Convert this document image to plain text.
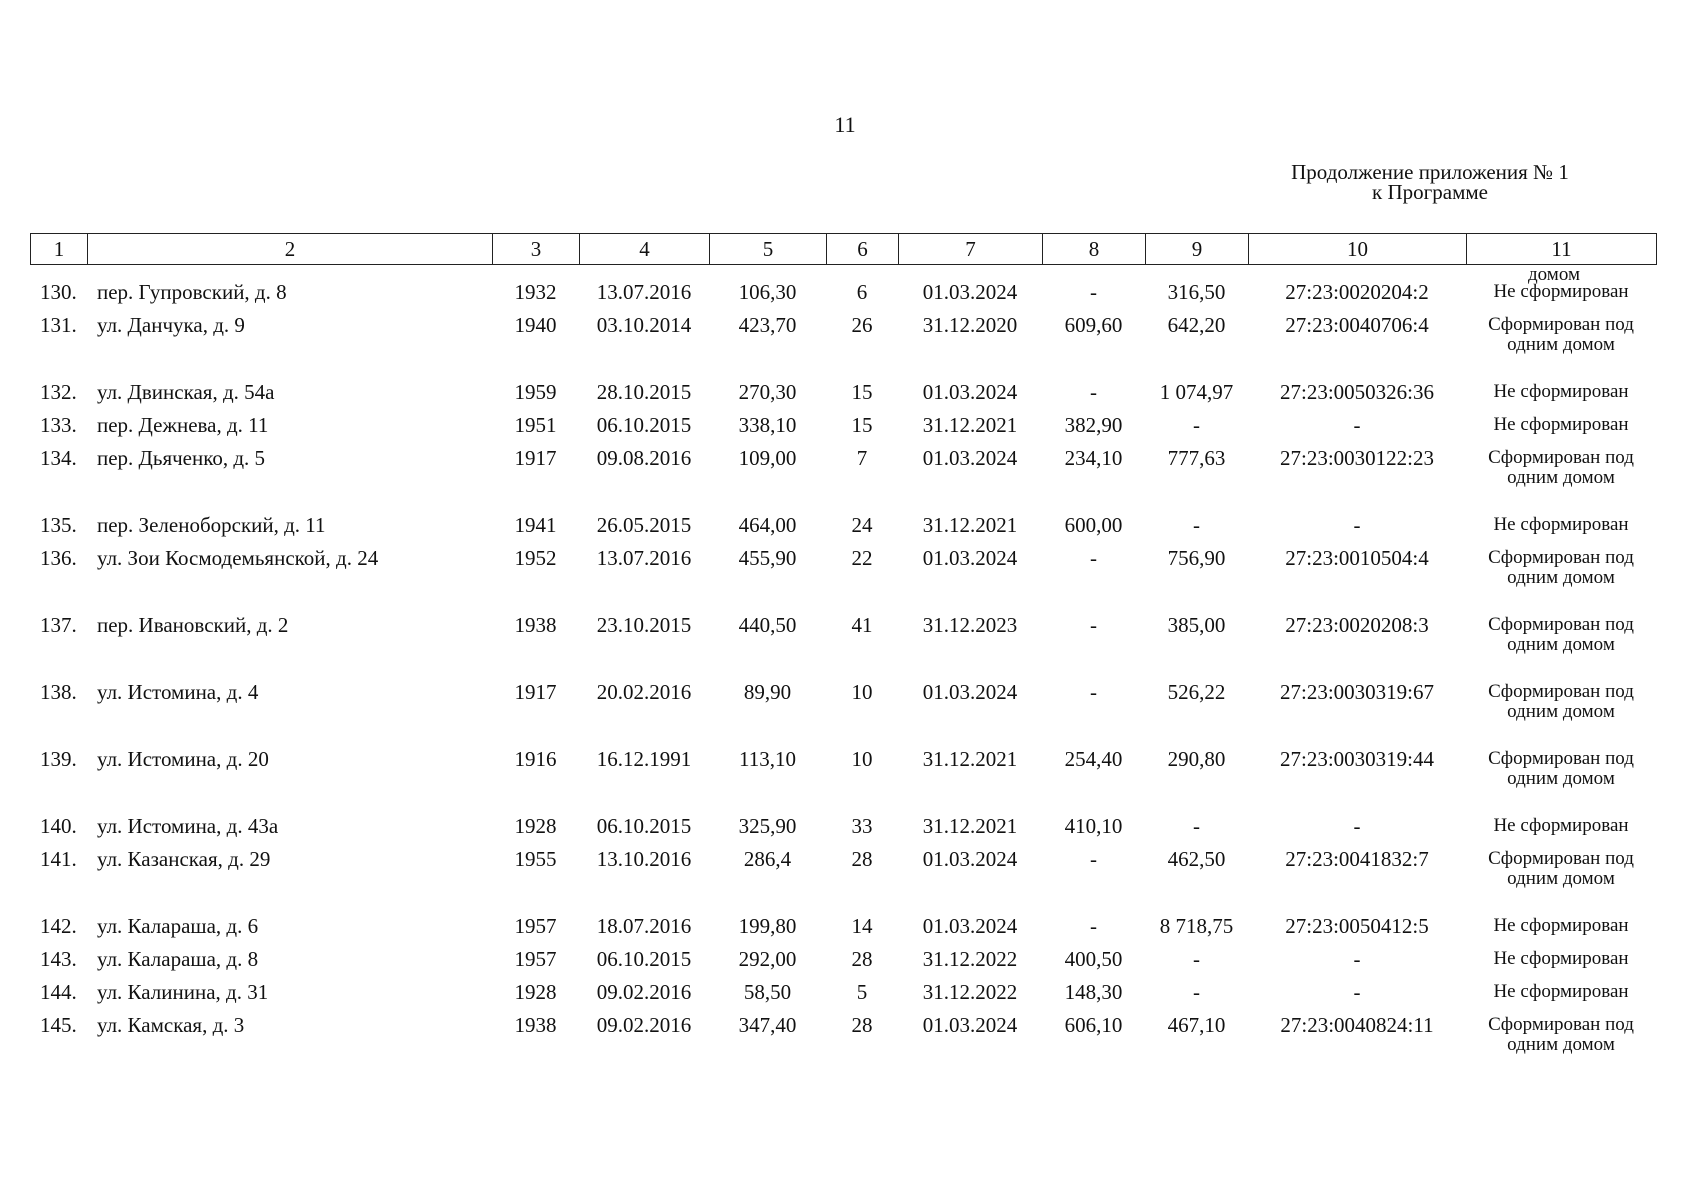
11
Продолжение приложения № 1
к Программе
1	2	3	4	5	6	7	8	9	10	11
домом
130.	пер. Гупровский, д. 8	1932	13.07.2016	106,30	6	01.03.2024	-	316,50	27:23:0020204:2	Не сформирован
131.	ул. Данчука, д. 9	1940	03.10.2014	423,70	26	31.12.2020	609,60	642,20	27:23:0040706:4	Сформирован под одним домом
132.	ул. Двинская, д. 54а	1959	28.10.2015	270,30	15	01.03.2024	-	1 074,97	27:23:0050326:36	Не сформирован
133.	пер. Дежнева, д. 11	1951	06.10.2015	338,10	15	31.12.2021	382,90	-	-	Не сформирован
134.	пер. Дьяченко, д. 5	1917	09.08.2016	109,00	7	01.03.2024	234,10	777,63	27:23:0030122:23	Сформирован под одним домом
135.	пер. Зеленоборский, д. 11	1941	26.05.2015	464,00	24	31.12.2021	600,00	-	-	Не сформирован
136.	ул. Зои Космодемьянской, д. 24	1952	13.07.2016	455,90	22	01.03.2024	-	756,90	27:23:0010504:4	Сформирован под одним домом
137.	пер. Ивановский, д. 2	1938	23.10.2015	440,50	41	31.12.2023	-	385,00	27:23:0020208:3	Сформирован под одним домом
138.	ул. Истомина, д. 4	1917	20.02.2016	89,90	10	01.03.2024	-	526,22	27:23:0030319:67	Сформирован под одним домом
139.	ул. Истомина, д. 20	1916	16.12.1991	113,10	10	31.12.2021	254,40	290,80	27:23:0030319:44	Сформирован под одним домом
140.	ул. Истомина, д. 43а	1928	06.10.2015	325,90	33	31.12.2021	410,10	-	-	Не сформирован
141.	ул. Казанская, д. 29	1955	13.10.2016	286,4	28	01.03.2024	-	462,50	27:23:0041832:7	Сформирован под одним домом
142.	ул. Калараша, д. 6	1957	18.07.2016	199,80	14	01.03.2024	-	8 718,75	27:23:0050412:5	Не сформирован
143.	ул. Калараша, д. 8	1957	06.10.2015	292,00	28	31.12.2022	400,50	-	-	Не сформирован
144.	ул. Калинина, д. 31	1928	09.02.2016	58,50	5	31.12.2022	148,30	-	-	Не сформирован
145.	ул. Камская, д. 3	1938	09.02.2016	347,40	28	01.03.2024	606,10	467,10	27:23:0040824:11	Сформирован под одним домом
